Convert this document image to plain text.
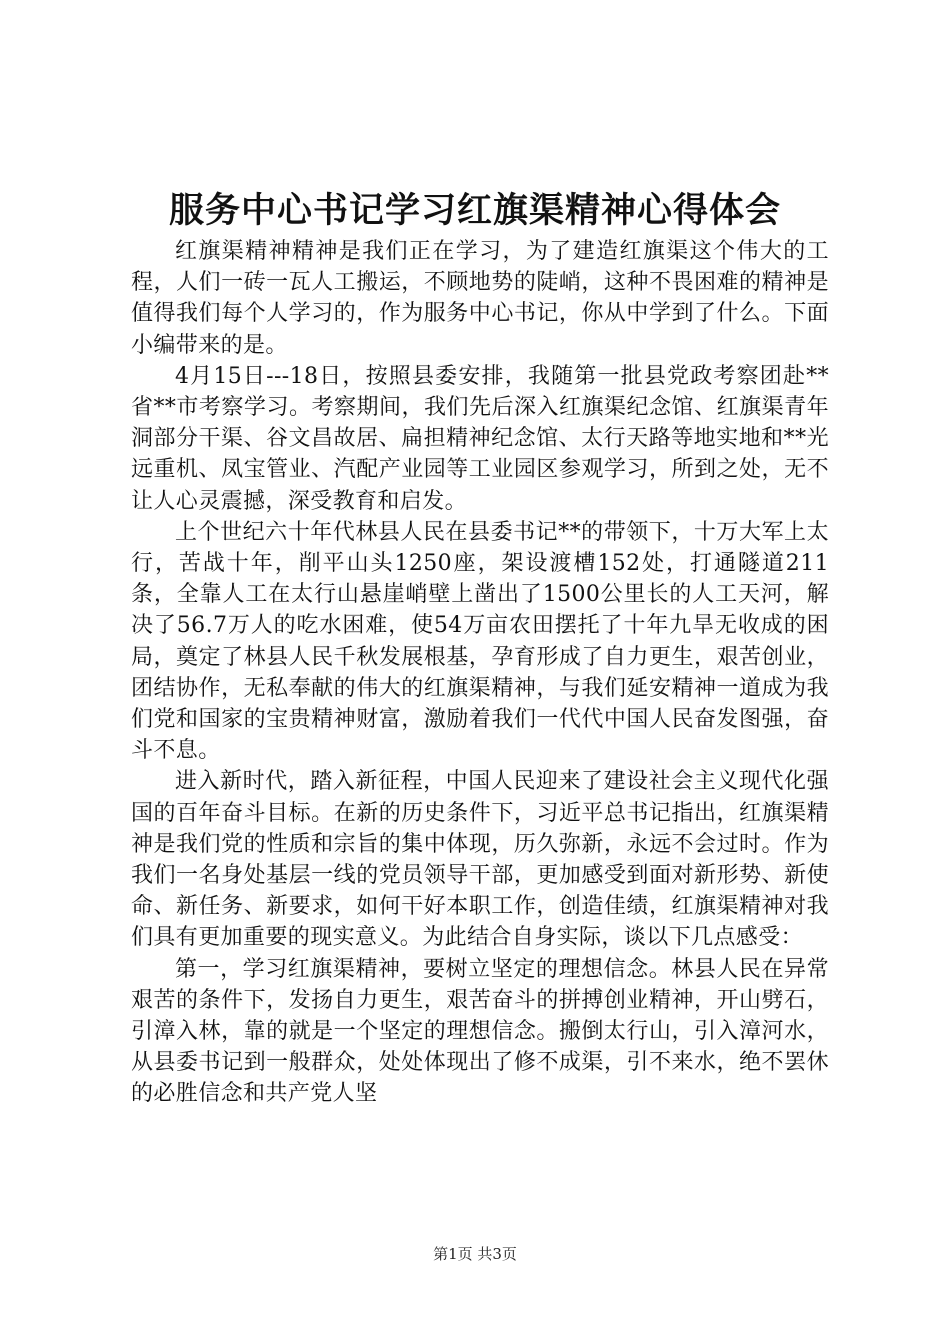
服务中心书记学习红旗渠精神心得体会

红旗渠精神精神是我们正在学习，为了建造红旗渠这个伟大的工程，人们一砖一瓦人工搬运，不顾地势的陡峭，这种不畏困难的精神是值得我们每个人学习的，作为服务中心书记，你从中学到了什么。下面小编带来的是。

4月15日---18日，按照县委安排，我随第一批县党政考察团赴**省**市考察学习。考察期间，我们先后深入红旗渠纪念馆、红旗渠青年洞部分干渠、谷文昌故居、扁担精神纪念馆、太行天路等地实地和**光远重机、凤宝管业、汽配产业园等工业园区参观学习，所到之处，无不让人心灵震撼，深受教育和启发。

上个世纪六十年代林县人民在县委书记**的带领下，十万大军上太行，苦战十年，削平山头1250座，架设渡槽152处，打通隧道211条，全靠人工在太行山悬崖峭壁上凿出了1500公里长的人工天河，解决了56.7万人的吃水困难，使54万亩农田摆托了十年九旱无收成的困局，奠定了林县人民千秋发展根基，孕育形成了自力更生，艰苦创业，团结协作，无私奉献的伟大的红旗渠精神，与我们延安精神一道成为我们党和国家的宝贵精神财富，激励着我们一代代中国人民奋发图强，奋斗不息。

进入新时代，踏入新征程，中国人民迎来了建设社会主义现代化强国的百年奋斗目标。在新的历史条件下，习近平总书记指出，红旗渠精神是我们党的性质和宗旨的集中体现，历久弥新，永远不会过时。作为我们一名身处基层一线的党员领导干部，更加感受到面对新形势、新使命、新任务、新要求，如何干好本职工作，创造佳绩，红旗渠精神对我们具有更加重要的现实意义。为此结合自身实际，谈以下几点感受：

第一，学习红旗渠精神，要树立坚定的理想信念。林县人民在异常艰苦的条件下，发扬自力更生，艰苦奋斗的拼搏创业精神，开山劈石，引漳入林，靠的就是一个坚定的理想信念。搬倒太行山，引入漳河水，从县委书记到一般群众，处处体现出了修不成渠，引不来水，绝不罢休的必胜信念和共产党人坚

第1页 共3页
